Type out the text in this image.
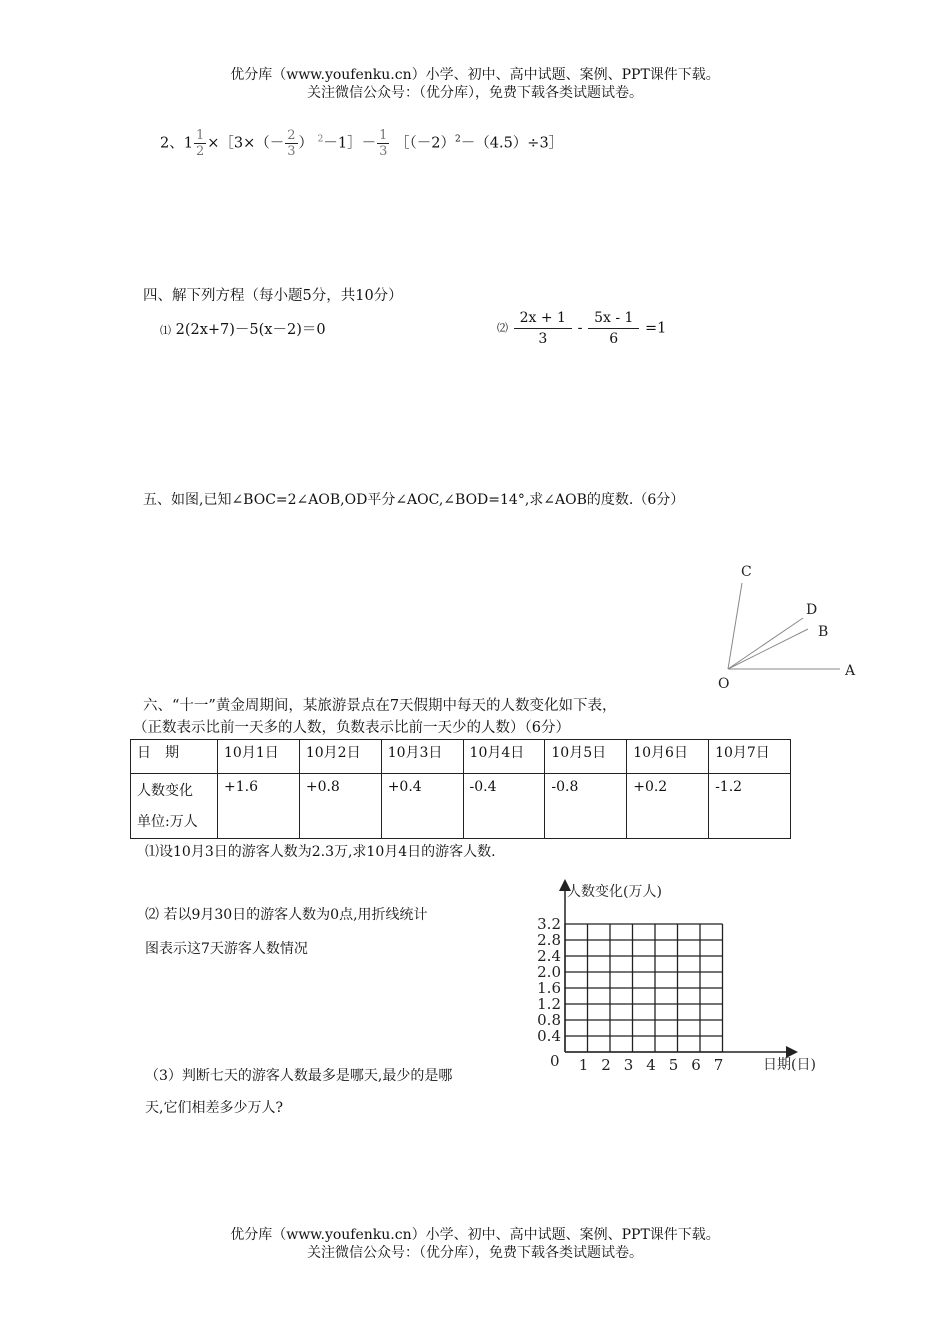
优分库（www.youfenku.cn）小学、初中、高中试题、案例、PPT课件下载。
关注微信公众号：（优分库），免费下载各类试题试卷。
2、$1 \frac{1}{2}$ ×［3×（－ $\frac{2}{3}$ ） $^2$－1］－ $\frac{1}{3}$ $[(-2)^2-(4.5)\div 3]$
四、解下列方程（每小题5分，共10分）
⑴ 2(2x+7)－5(x－2)＝0	⑵ $\frac{2x + 1}{3} - \frac{5x - 1}{6} =1$
五、如图,已知∠BOC=2∠AOB,OD平分∠AOC,∠BOD=14°,求∠AOB的度数.（6分）
C
D
B
A
O
六、“十一”黄金周期间，某旅游景点在7天假期中每天的人数变化如下表，
（正数表示比前一天多的人数，负数表示比前一天少的人数）（6分）
日　期	10月1日	10月2日	10月3日	10月4日	10月5日	10月6日	10月7日

人数变化
单位:万人	+1.6	+0.8	+0.4	-0.4	-0.8	+0.2	-1.2
⑴设10月3日的游客人数为2.3万,求10月4日的游客人数.
⑵ 若以9月30日的游客人数为0点,用折线统计
图表示这7天游客人数情况
（3）判断七天的游客人数最多是哪天,最少的是哪
天,它们相差多少万人?
1 2 3 4 5 6 7
0.4
0.8
1.2
1.6
2.0
2.4
2.8
3.2
人数变化(万人)
日期(日)
0
优分库（www.youfenku.cn）小学、初中、高中试题、案例、PPT课件下载。
关注微信公众号：（优分库），免费下载各类试题试卷。
